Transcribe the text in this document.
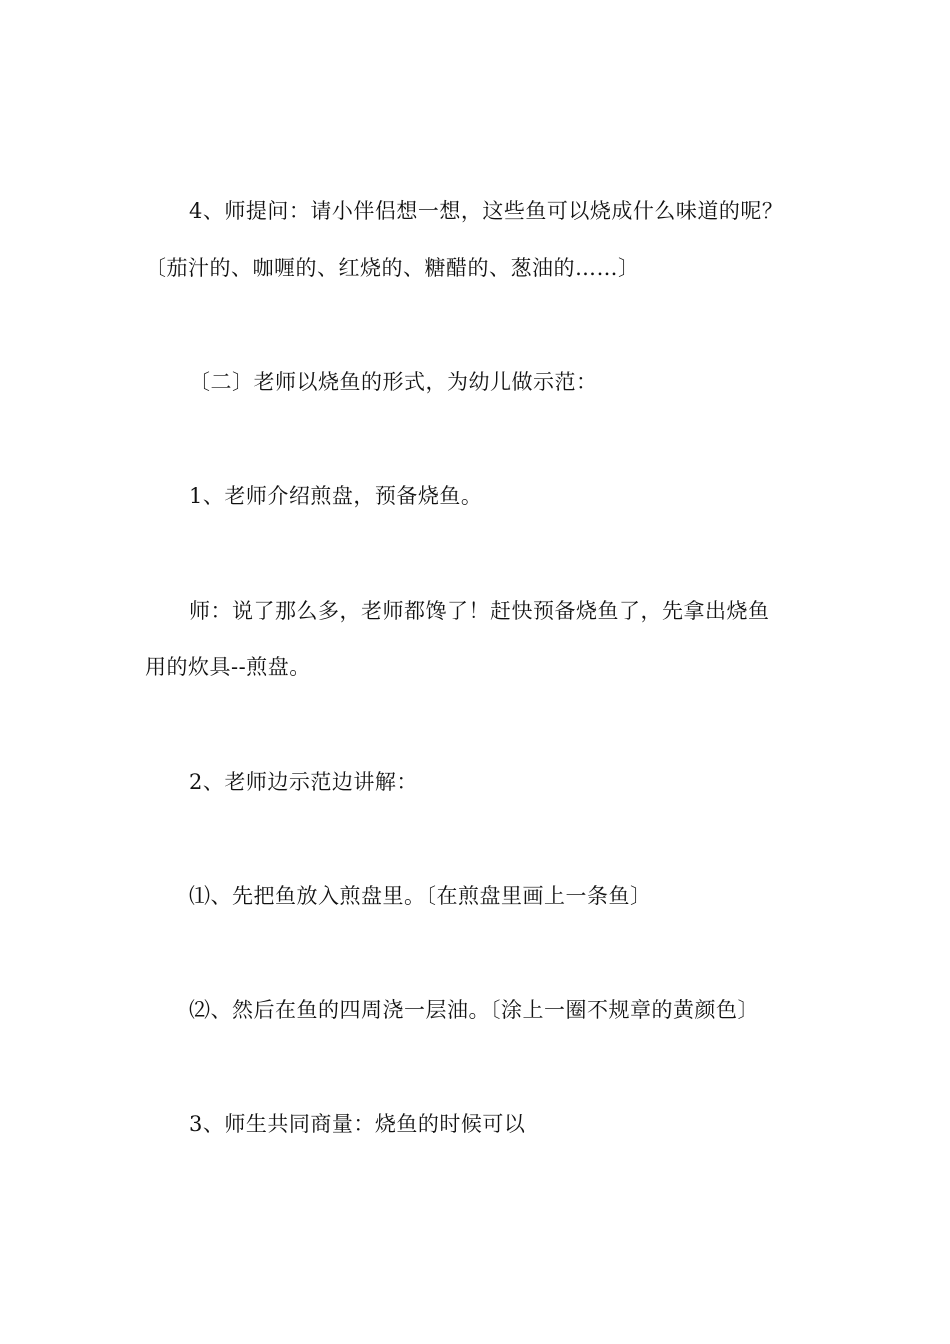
4、师提问：请小伴侣想一想，这些鱼可以烧成什么味道的呢？
〔茄汁的、咖喱的、红烧的、糖醋的、葱油的……〕
〔二〕老师以烧鱼的形式，为幼儿做示范：
1、老师介绍煎盘，预备烧鱼。
师：说了那么多，老师都馋了！赶快预备烧鱼了，先拿出烧鱼
用的炊具--煎盘。
2、老师边示范边讲解：
⑴、先把鱼放入煎盘里。〔在煎盘里画上一条鱼〕
⑵、然后在鱼的四周浇一层油。〔涂上一圈不规章的黄颜色〕
3、师生共同商量：烧鱼的时候可以
